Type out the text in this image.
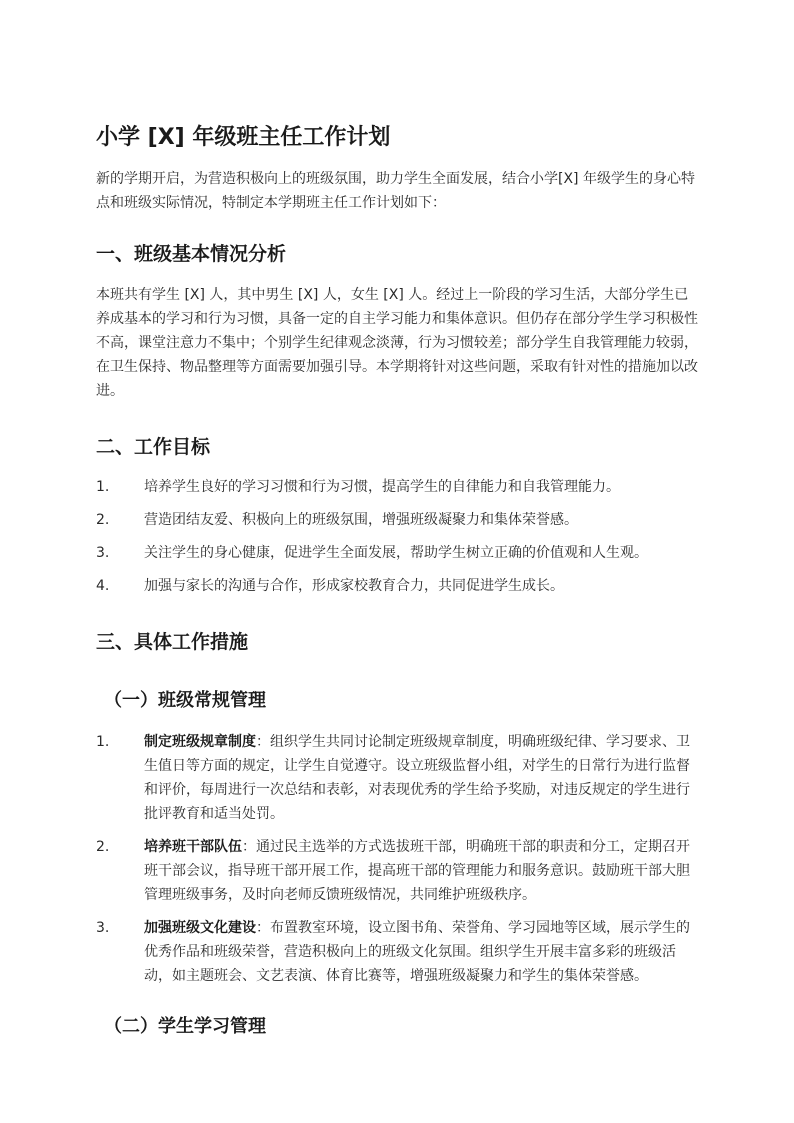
小学 [X] 年级班主任工作计划

新的学期开启，为营造积极向上的班级氛围，助力学生全面发展，结合小学[X] 年级学生的身心特点和班级实际情况，特制定本学期班主任工作计划如下：

一、班级基本情况分析

本班共有学生 [X] 人，其中男生 [X] 人，女生 [X] 人。经过上一阶段的学习生活，大部分学生已养成基本的学习和行为习惯，具备一定的自主学习能力和集体意识。但仍存在部分学生学习积极性不高，课堂注意力不集中；个别学生纪律观念淡薄，行为习惯较差；部分学生自我管理能力较弱，在卫生保持、物品整理等方面需要加强引导。本学期将针对这些问题，采取有针对性的措施加以改进。

二、工作目标
1. 培养学生良好的学习习惯和行为习惯，提高学生的自律能力和自我管理能力。
2. 营造团结友爱、积极向上的班级氛围，增强班级凝聚力和集体荣誉感。
3. 关注学生的身心健康，促进学生全面发展，帮助学生树立正确的价值观和人生观。
4. 加强与家长的沟通与合作，形成家校教育合力，共同促进学生成长。
三、具体工作措施
（一）班级常规管理
1. 制定班级规章制度：组织学生共同讨论制定班级规章制度，明确班级纪律、学习要求、卫生值日等方面的规定，让学生自觉遵守。设立班级监督小组，对学生的日常行为进行监督和评价，每周进行一次总结和表彰，对表现优秀的学生给予奖励，对违反规定的学生进行批评教育和适当处罚。
2. 培养班干部队伍：通过民主选举的方式选拔班干部，明确班干部的职责和分工，定期召开班干部会议，指导班干部开展工作，提高班干部的管理能力和服务意识。鼓励班干部大胆管理班级事务，及时向老师反馈班级情况，共同维护班级秩序。
3. 加强班级文化建设：布置教室环境，设立图书角、荣誉角、学习园地等区域，展示学生的优秀作品和班级荣誉，营造积极向上的班级文化氛围。组织学生开展丰富多彩的班级活动，如主题班会、文艺表演、体育比赛等，增强班级凝聚力和学生的集体荣誉感。
（二）学生学习管理
